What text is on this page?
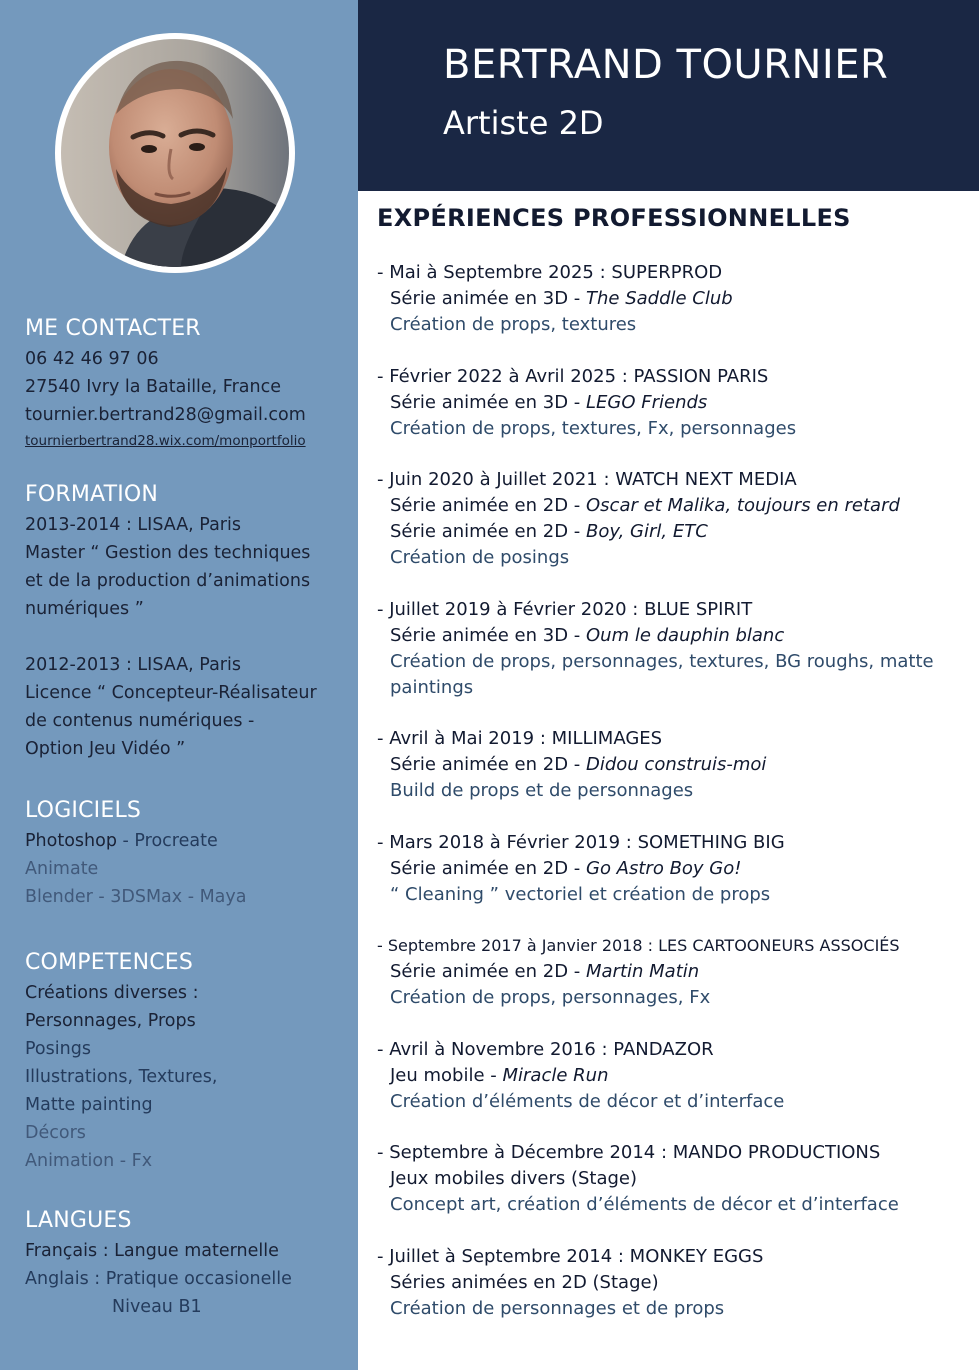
ME CONTACTER
06 42 46 97 06
27540 Ivry la Bataille, France
tournier.bertrand28@gmail.com
tournierbertrand28.wix.com/monportfolio
FORMATION
2013-2014 : LISAA, Paris
Master “ Gestion des techniques
et de la production d’animations
numériques ”
2012-2013 : LISAA, Paris
Licence “ Concepteur-Réalisateur
de contenus numériques -
Option Jeu Vidéo ”
LOGICIELS
Photoshop - Procreate
Animate
Blender - 3DSMax - Maya
COMPETENCES
Créations diverses :
Personnages, Props
Posings
Illustrations, Textures,
Matte painting
Décors
Animation - Fx
LANGUES
Français : Langue maternelle
Anglais : Pratique occasionelle
Niveau B1
BERTRAND TOURNIER
Artiste 2D
EXPÉRIENCES PROFESSIONNELLES
- Mai à Septembre 2025 : SUPERPROD
Série animée en 3D - The Saddle Club
Création de props, textures
- Février 2022 à Avril 2025 : PASSION PARIS
Série animée en 3D - LEGO Friends
Création de props, textures, Fx, personnages
- Juin 2020 à Juillet 2021 : WATCH NEXT MEDIA
Série animée en 2D - Oscar et Malika, toujours en retard
Série animée en 2D - Boy, Girl, ETC
Création de posings
- Juillet 2019 à Février 2020 : BLUE SPIRIT
Série animée en 3D - Oum le dauphin blanc
Création de props, personnages, textures, BG roughs, matte paintings
- Avril à Mai 2019 : MILLIMAGES
Série animée en 2D - Didou construis-moi
Build de props et de personnages
- Mars 2018 à Février 2019 : SOMETHING BIG
Série animée en 2D - Go Astro Boy Go!
“ Cleaning ” vectoriel et création de props
- Septembre 2017 à Janvier 2018 : LES CARTOONEURS ASSOCIÉS
Série animée en 2D - Martin Matin
Création de props, personnages, Fx
- Avril à Novembre 2016 : PANDAZOR
Jeu mobile - Miracle Run
Création d’éléments de décor et d’interface
- Septembre à Décembre 2014 : MANDO PRODUCTIONS
Jeux mobiles divers (Stage)
Concept art, création d’éléments de décor et d’interface
- Juillet à Septembre 2014 : MONKEY EGGS
Séries animées en 2D (Stage)
Création de personnages et de props
